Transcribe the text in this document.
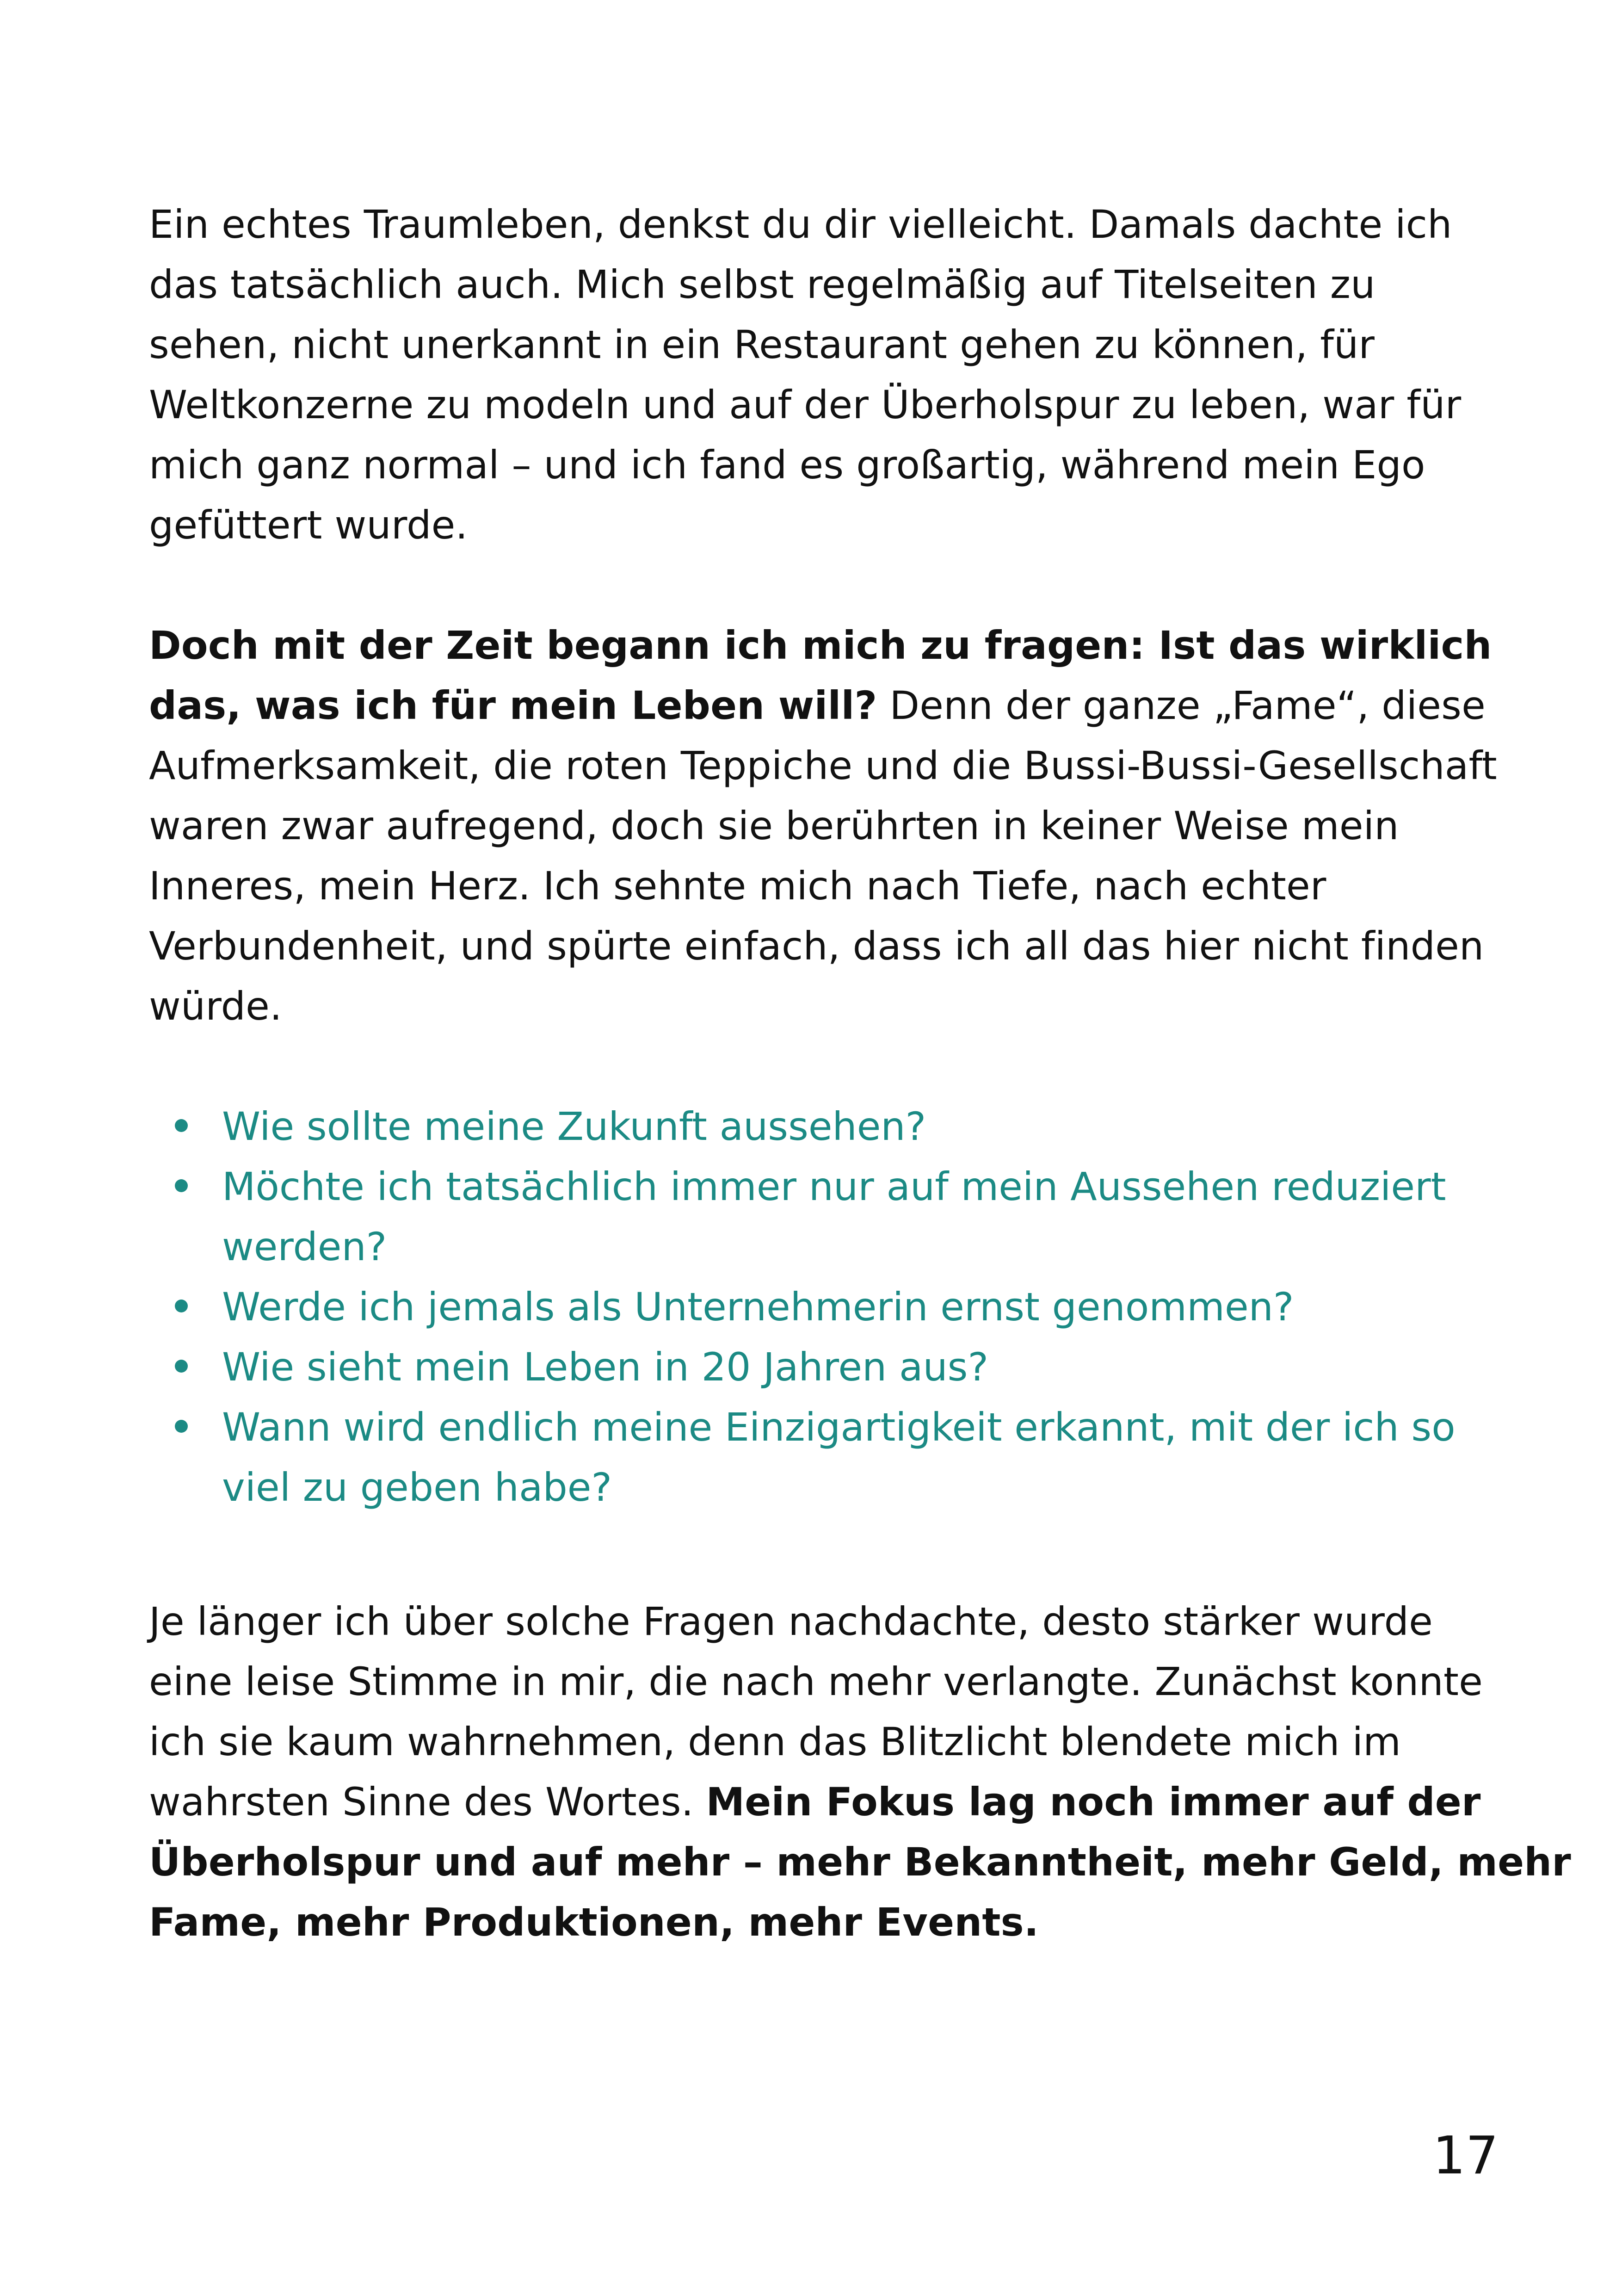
Ein echtes Traumleben, denkst du dir vielleicht. Damals dachte ich
das tatsächlich auch. Mich selbst regelmäßig auf Titelseiten zu
sehen, nicht unerkannt in ein Restaurant gehen zu können, für
Weltkonzerne zu modeln und auf der Überholspur zu leben, war für
mich ganz normal – und ich fand es großartig, während mein Ego
gefüttert wurde.
Doch mit der Zeit begann ich mich zu fragen: Ist das wirklich
das, was ich für mein Leben will? Denn der ganze „Fame“, diese
Aufmerksamkeit, die roten Teppiche und die Bussi-Bussi-Gesellschaft
waren zwar aufregend, doch sie berührten in keiner Weise mein
Inneres, mein Herz. Ich sehnte mich nach Tiefe, nach echter
Verbundenheit, und spürte einfach, dass ich all das hier nicht finden
würde.
Wie sollte meine Zukunft aussehen?
Möchte ich tatsächlich immer nur auf mein Aussehen reduziert
werden?
Werde ich jemals als Unternehmerin ernst genommen?
Wie sieht mein Leben in 20 Jahren aus?
Wann wird endlich meine Einzigartigkeit erkannt, mit der ich so
viel zu geben habe?
Je länger ich über solche Fragen nachdachte, desto stärker wurde
eine leise Stimme in mir, die nach mehr verlangte. Zunächst konnte
ich sie kaum wahrnehmen, denn das Blitzlicht blendete mich im
wahrsten Sinne des Wortes. Mein Fokus lag noch immer auf der
Überholspur und auf mehr – mehr Bekanntheit, mehr Geld, mehr
Fame, mehr Produktionen, mehr Events.
17
